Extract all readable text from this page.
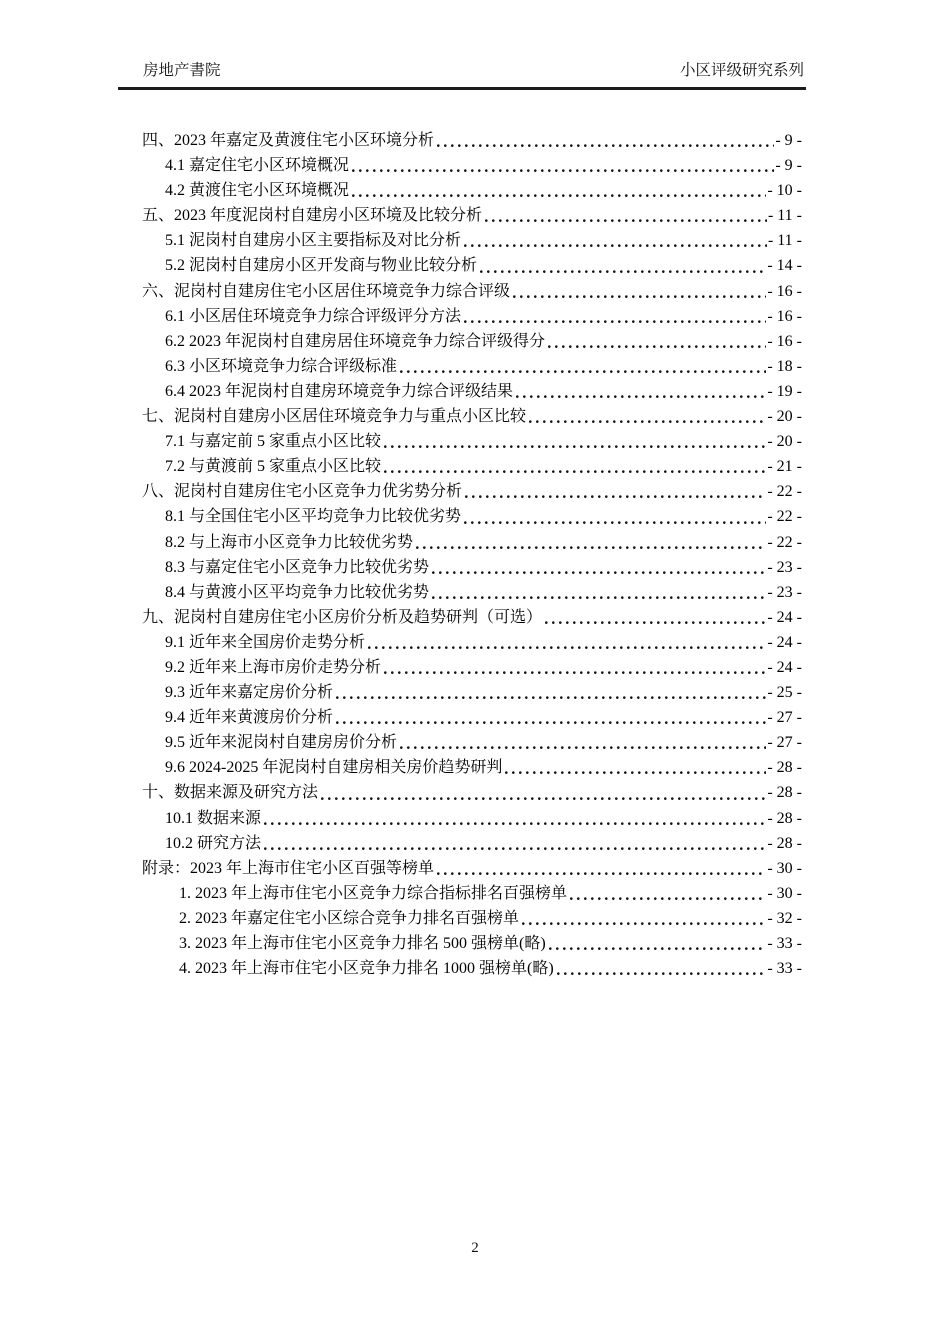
房地产書院	小区评级研究系列
四、2023 年嘉定及黄渡住宅小区环境分析	- 9 -
4.1 嘉定住宅小区环境概况	- 9 -
4.2 黄渡住宅小区环境概况	- 10 -
五、2023 年度泥岗村自建房小区环境及比较分析	- 11 -
5.1 泥岗村自建房小区主要指标及对比分析	- 11 -
5.2 泥岗村自建房小区开发商与物业比较分析	- 14 -
六、泥岗村自建房住宅小区居住环境竞争力综合评级	- 16 -
6.1 小区居住环境竞争力综合评级评分方法	- 16 -
6.2 2023 年泥岗村自建房居住环境竞争力综合评级得分	- 16 -
6.3 小区环境竞争力综合评级标准	- 18 -
6.4 2023 年泥岗村自建房环境竞争力综合评级结果	- 19 -
七、泥岗村自建房小区居住环境竞争力与重点小区比较	- 20 -
7.1 与嘉定前 5 家重点小区比较	- 20 -
7.2 与黄渡前 5 家重点小区比较	- 21 -
八、泥岗村自建房住宅小区竞争力优劣势分析	- 22 -
8.1 与全国住宅小区平均竞争力比较优劣势	- 22 -
8.2 与上海市小区竞争力比较优劣势	- 22 -
8.3 与嘉定住宅小区竞争力比较优劣势	- 23 -
8.4 与黄渡小区平均竞争力比较优劣势	- 23 -
九、泥岗村自建房住宅小区房价分析及趋势研判（可选）	- 24 -
9.1 近年来全国房价走势分析	- 24 -
9.2 近年来上海市房价走势分析	- 24 -
9.3 近年来嘉定房价分析	- 25 -
9.4 近年来黄渡房价分析	- 27 -
9.5 近年来泥岗村自建房房价分析	- 27 -
9.6 2024-2025 年泥岗村自建房相关房价趋势研判	- 28 -
十、数据来源及研究方法	- 28 -
10.1 数据来源	- 28 -
10.2 研究方法	- 28 -
附录：2023 年上海市住宅小区百强等榜单	- 30 -
1. 2023 年上海市住宅小区竞争力综合指标排名百强榜单	- 30 -
2. 2023 年嘉定住宅小区综合竞争力排名百强榜单	- 32 -
3. 2023 年上海市住宅小区竞争力排名 500 强榜单(略)	- 33 -
4. 2023 年上海市住宅小区竞争力排名 1000 强榜单(略)	- 33 -
2
